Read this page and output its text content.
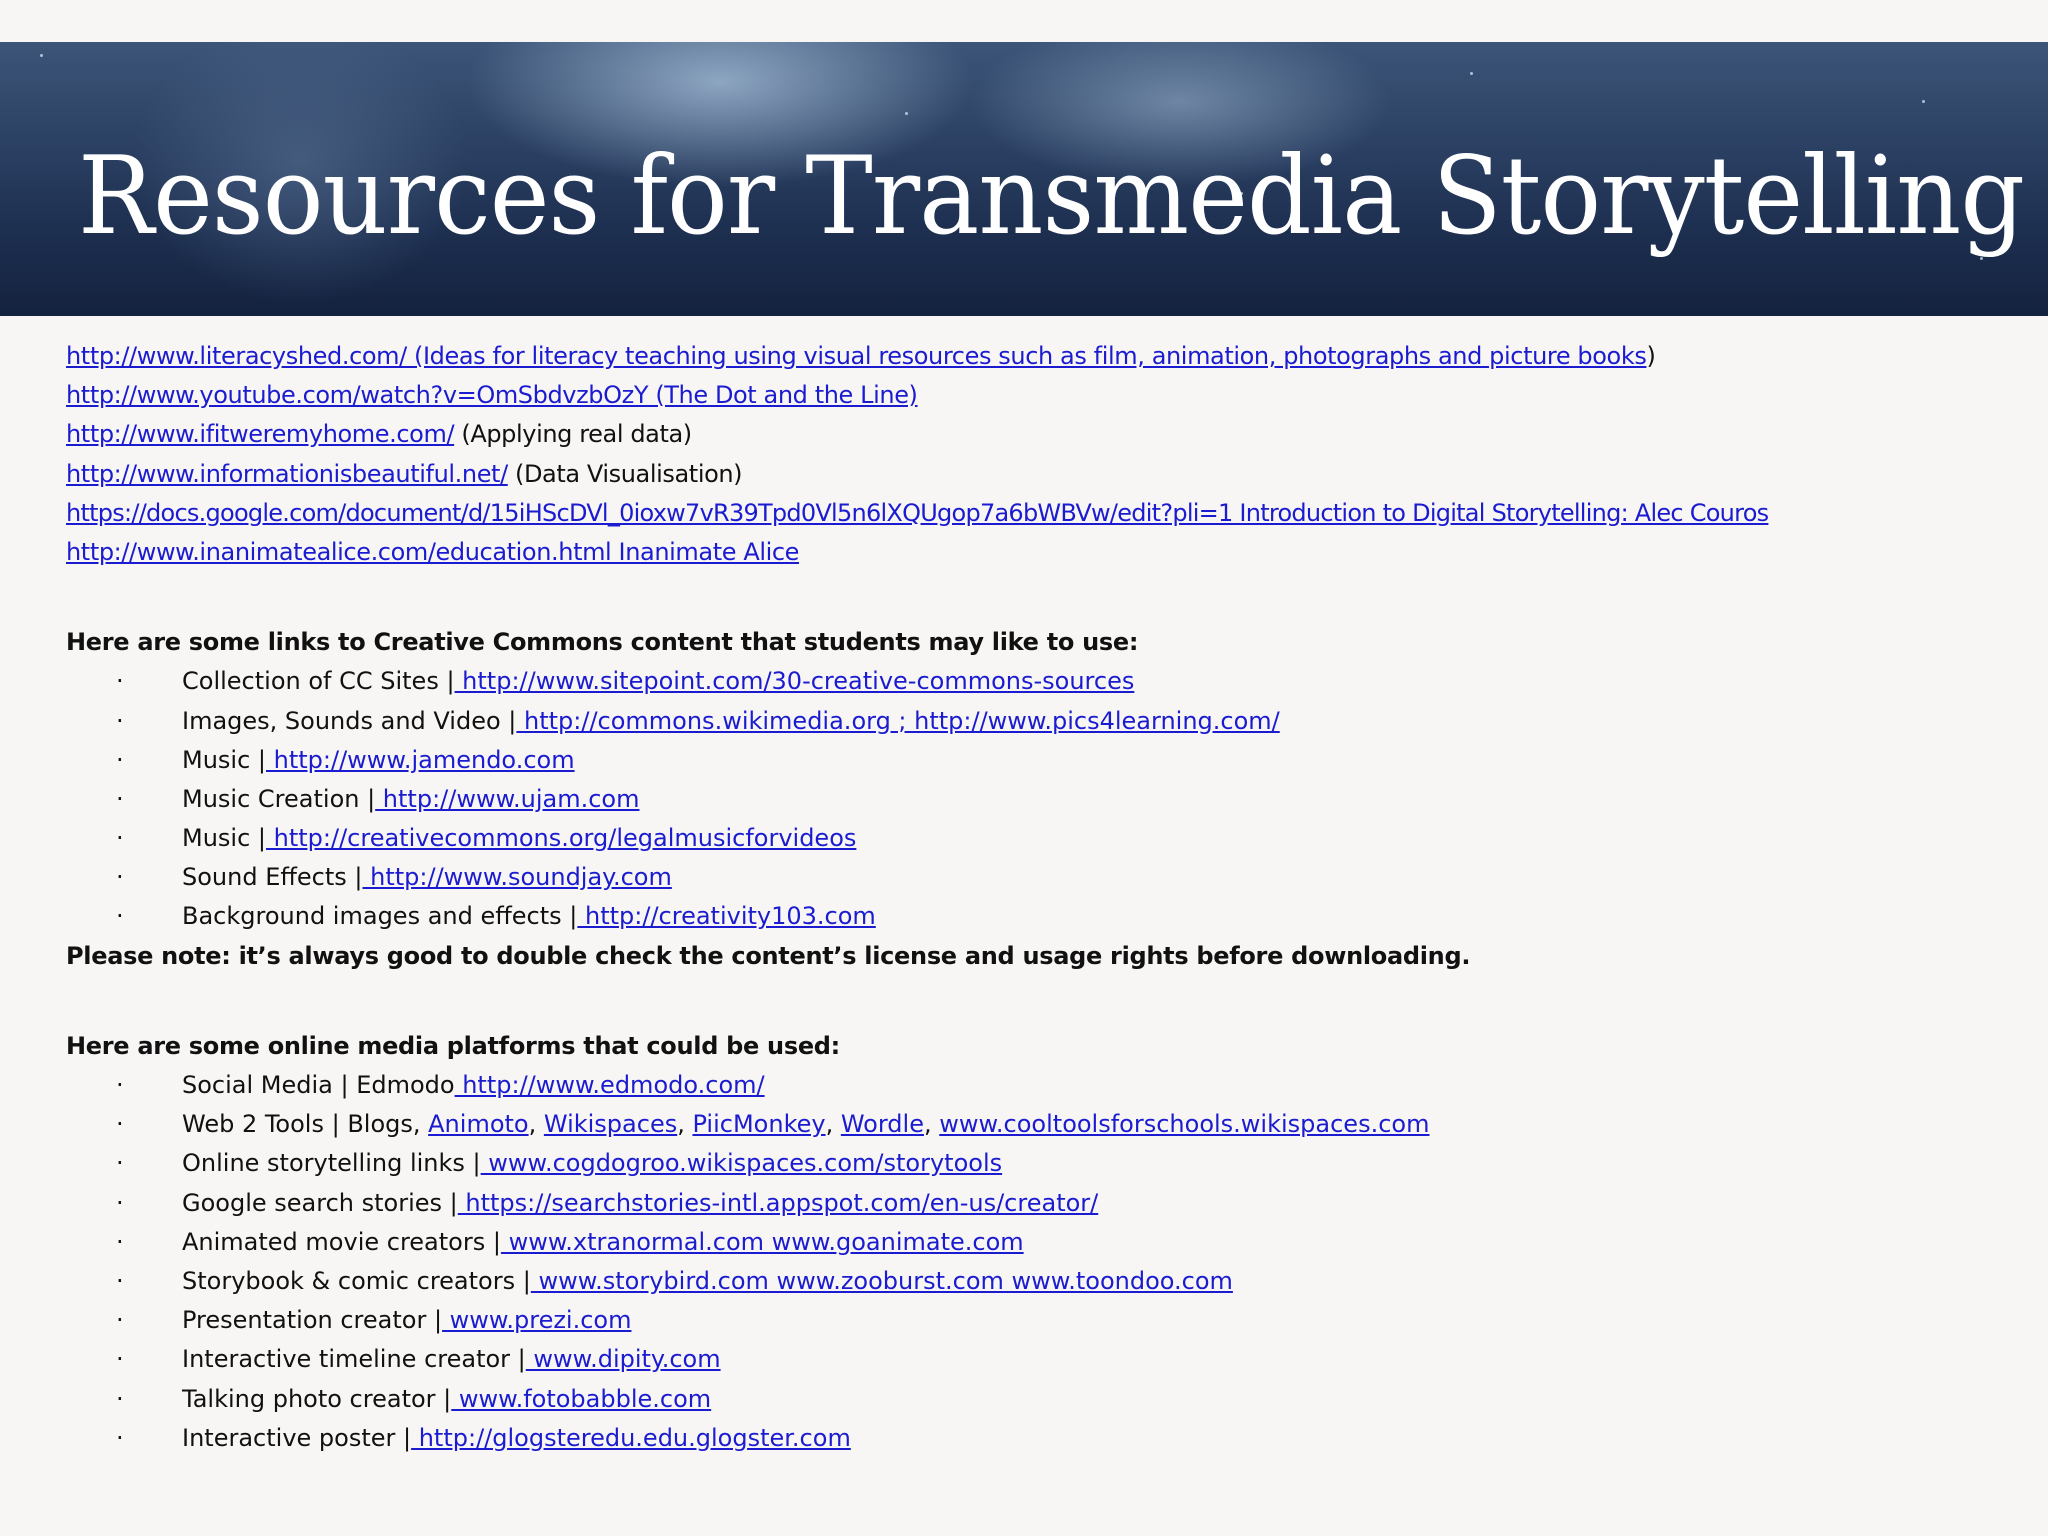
Resources for Transmedia Storytelling
http://www.literacyshed.com/ (Ideas for literacy teaching using visual resources such as film, animation, photographs and picture books)
http://www.youtube.com/watch?v=OmSbdvzbOzY (The Dot and the Line)
http://www.ifitweremyhome.com/ (Applying real data)
http://www.informationisbeautiful.net/ (Data Visualisation)
https://docs.google.com/document/d/15iHScDVl_0ioxw7vR39Tpd0Vl5n6lXQUgop7a6bWBVw/edit?pli=1 Introduction to Digital Storytelling: Alec Couros
http://www.inanimatealice.com/education.html Inanimate Alice
Here are some links to Creative Commons content that students may like to use:
· Collection of CC Sites | http://www.sitepoint.com/30-creative-commons-sources
· Images, Sounds and Video | http://commons.wikimedia.org ; http://www.pics4learning.com/
· Music | http://www.jamendo.com
· Music Creation | http://www.ujam.com
· Music | http://creativecommons.org/legalmusicforvideos
· Sound Effects | http://www.soundjay.com
· Background images and effects | http://creativity103.com
Please note: it’s always good to double check the content’s license and usage rights before downloading.
Here are some online media platforms that could be used:
· Social Media | Edmodo http://www.edmodo.com/
· Web 2 Tools | Blogs, Animoto, Wikispaces, PiicMonkey, Wordle, www.cooltoolsforschools.wikispaces.com
· Online storytelling links | www.cogdogroo.wikispaces.com/storytools
· Google search stories | https://searchstories-intl.appspot.com/en-us/creator/
· Animated movie creators | www.xtranormal.com www.goanimate.com
· Storybook & comic creators | www.storybird.com www.zooburst.com www.toondoo.com
· Presentation creator | www.prezi.com
· Interactive timeline creator | www.dipity.com
· Talking photo creator | www.fotobabble.com
· Interactive poster | http://glogsteredu.edu.glogster.com
